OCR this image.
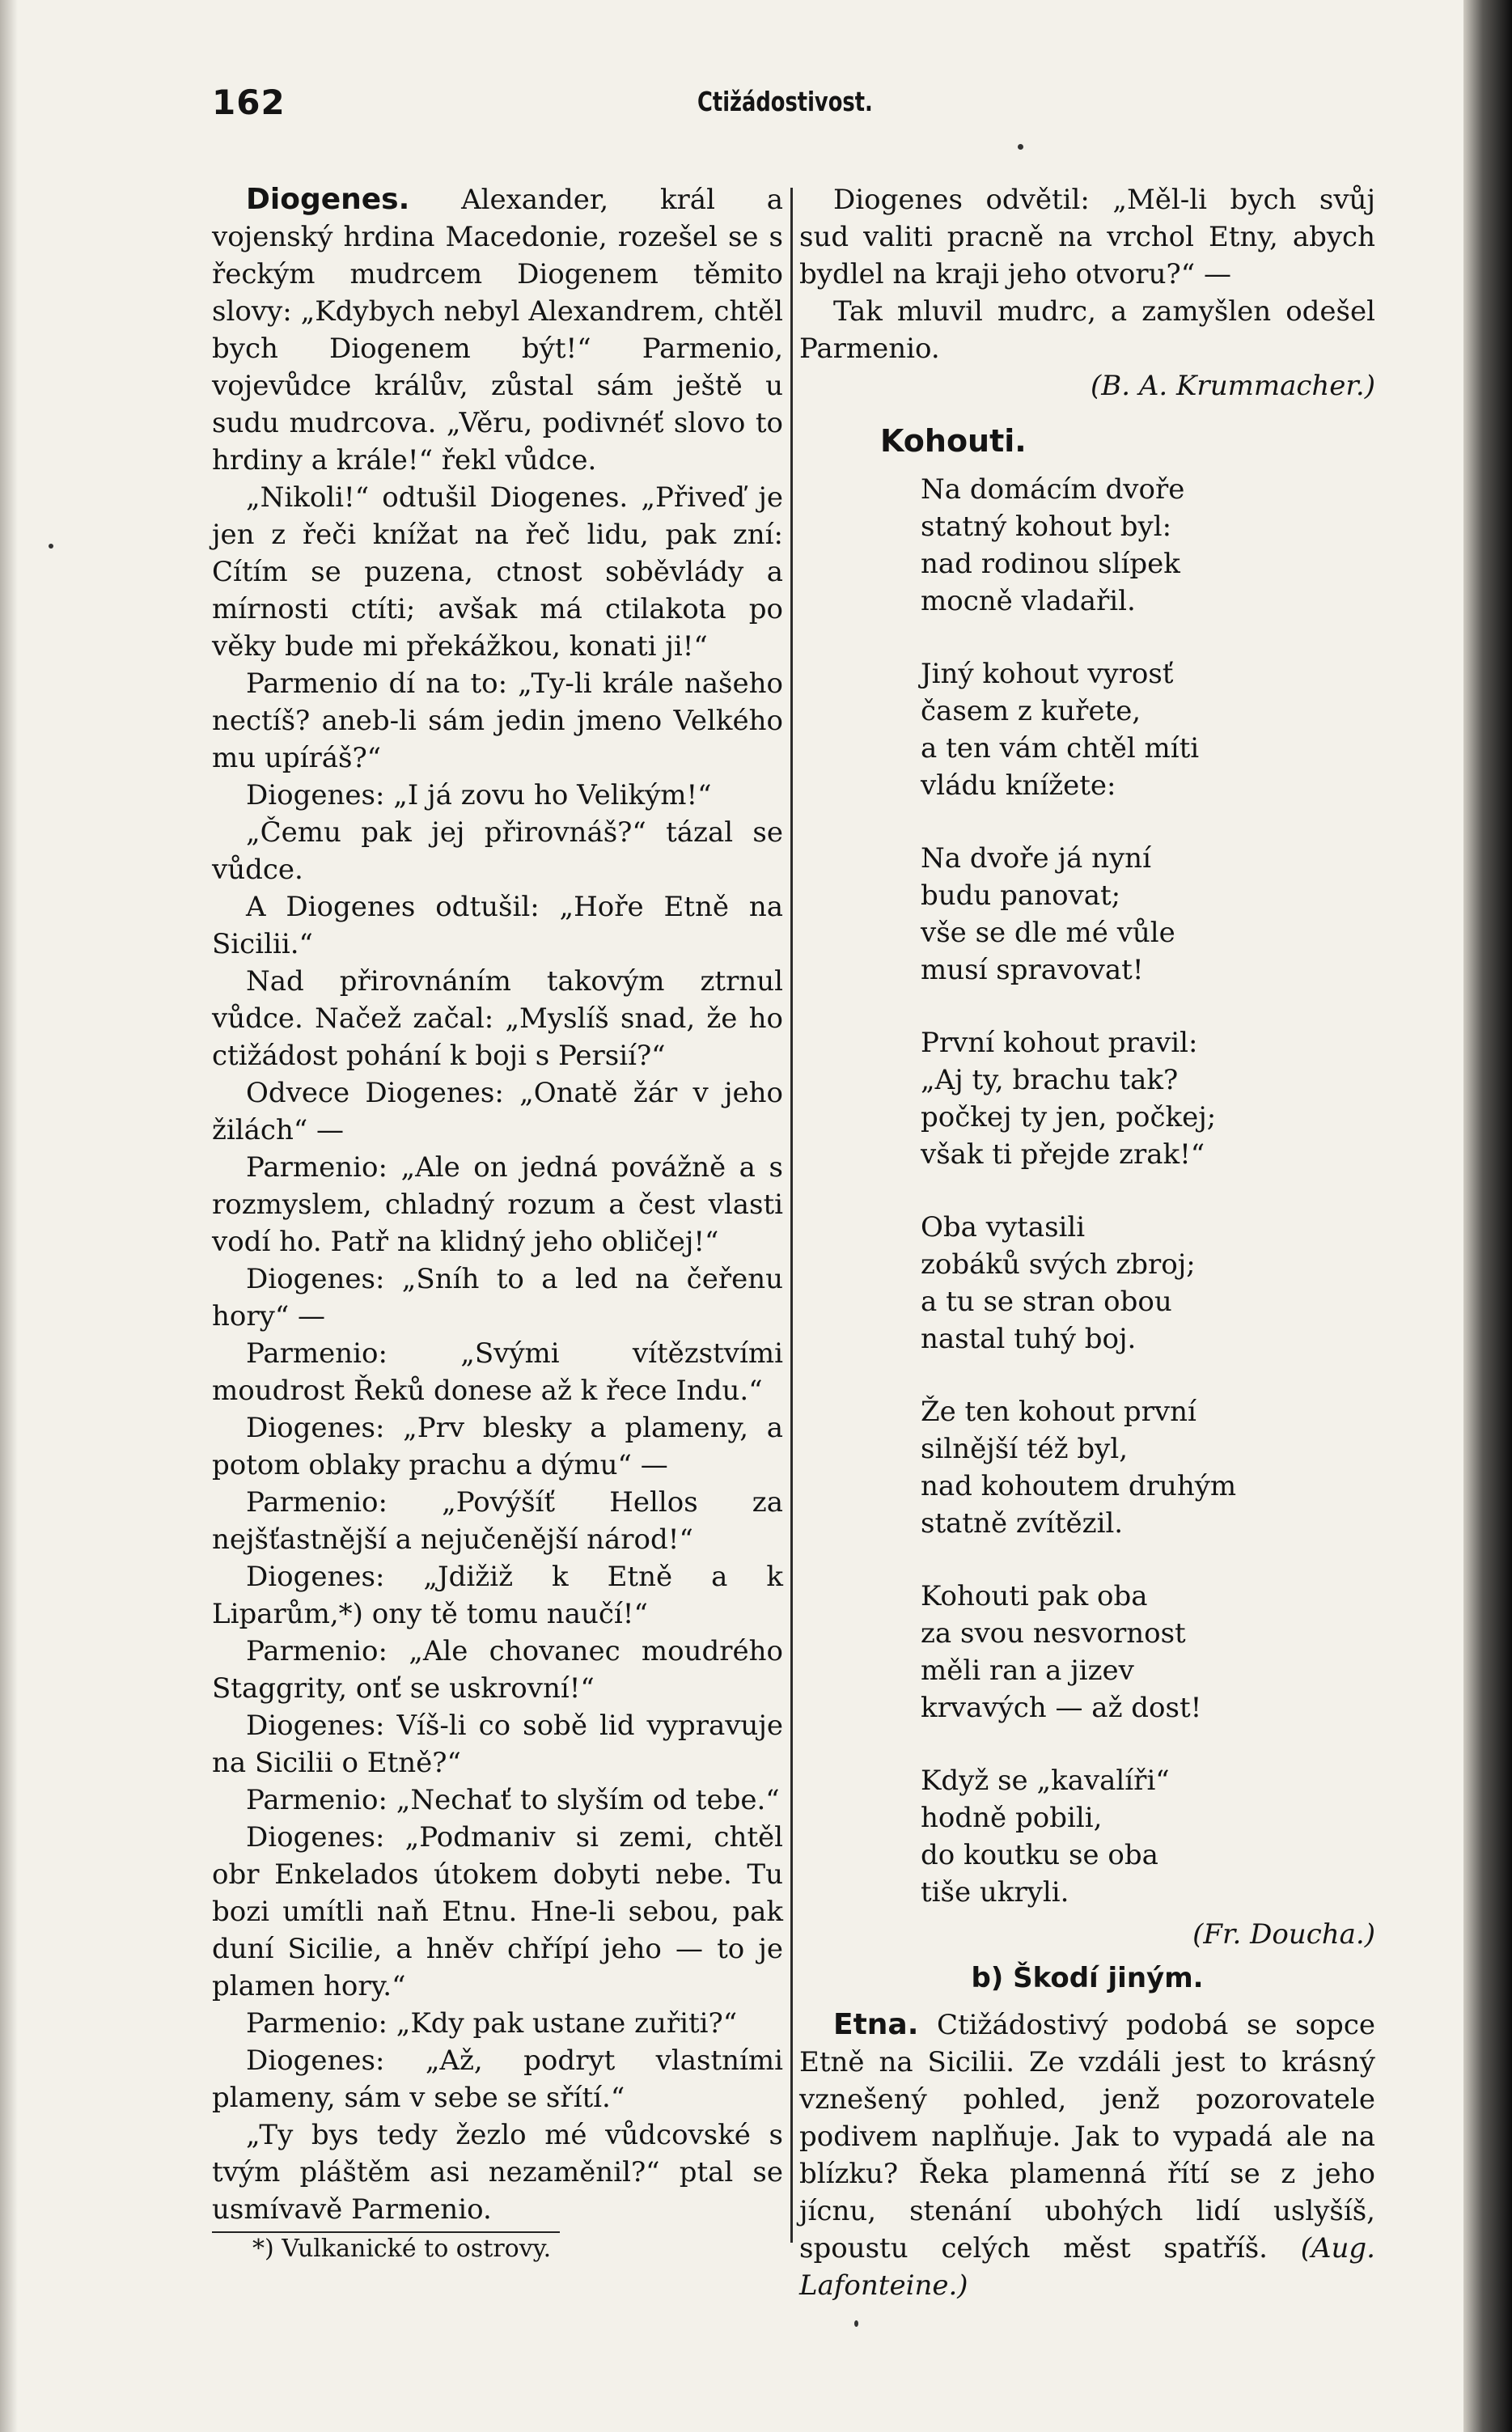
162	Ctižádostivost.

Diogenes. Alexander, král a vojenský hrdina Macedonie, rozešel se s řeckým mudrcem Diogenem těmito slovy: „Kdybych nebyl Alexandrem, chtěl bych Diogenem být!“ Parmenio, vojevůdce králův, zůstal sám ještě u sudu mudrcova. „Věru, podivnéť slovo to hrdiny a krále!“ řekl vůdce.

„Nikoli!“ odtušil Diogenes. „Přiveď je jen z řeči knížat na řeč lidu, pak zní: Cítím se puzena, ctnost soběvlády a mírnosti ctíti; avšak má ctilakota po věky bude mi překážkou, konati ji!“

Parmenio dí na to: „Ty-li krále našeho nectíš? aneb-li sám jedin jmeno Velkého mu upíráš?“

Diogenes: „I já zovu ho Velikým!“

„Čemu pak jej přirovnáš?“ tázal se vůdce.

A Diogenes odtušil: „Hoře Etně na Sicilii.“

Nad přirovnáním takovým ztrnul vůdce. Načež začal: „Myslíš snad, že ho ctižádost pohání k boji s Persií?“

Odvece Diogenes: „Onatě žár v jeho žilách“ —

Parmenio: „Ale on jedná povážně a s rozmyslem, chladný rozum a čest vlasti vodí ho. Patř na klidný jeho obličej!“

Diogenes: „Sníh to a led na čeřenu hory“ —

Parmenio: „Svými vítězstvími moudrost Řeků donese až k řece Indu.“

Diogenes: „Prv blesky a plameny, a potom oblaky prachu a dýmu“ —

Parmenio: „Povýšíť Hellos za nejšťastnější a nejučenější národ!“

Diogenes: „Jdižiž k Etně a k Liparům,*) ony tě tomu naučí!“

Parmenio: „Ale chovanec moudrého Staggrity, onť se uskrovní!“

Diogenes: Víš-li co sobě lid vypravuje na Sicilii o Etně?“

Parmenio: „Nechať to slyším od tebe.“

Diogenes: „Podmaniv si zemi, chtěl obr Enkelados útokem dobyti nebe. Tu bozi umítli naň Etnu. Hne-li sebou, pak duní Sicilie, a hněv chřípí jeho — to je plamen hory.“

Parmenio: „Kdy pak ustane zuřiti?“

Diogenes: „Až, podryt vlastními plameny, sám v sebe se sřítí.“

„Ty bys tedy žezlo mé vůdcovské s tvým pláštěm asi nezaměnil?“ ptal se usmívavě Parmenio.

*) Vulkanické to ostrovy.

Diogenes odvětil: „Měl-li bych svůj sud valiti pracně na vrchol Etny, abych bydlel na kraji jeho otvoru?“ —

Tak mluvil mudrc, a zamyšlen odešel Parmenio.

(B. A. Krummacher.)

Kohouti.
Na domácím dvoře
statný kohout byl:
nad rodinou slípek
mocně vladařil.
Jiný kohout vyrosť
časem z kuřete,
a ten vám chtěl míti
vládu knížete:
Na dvoře já nyní
budu panovat;
vše se dle mé vůle
musí spravovat!
První kohout pravil:
„Aj ty, brachu tak?
počkej ty jen, počkej;
však ti přejde zrak!“
Oba vytasili
zobáků svých zbroj;
a tu se stran obou
nastal tuhý boj.
Že ten kohout první
silnější též byl,
nad kohoutem druhým
statně zvítězil.
Kohouti pak oba
za svou nesvornost
měli ran a jizev
krvavých — až dost!
Když se „kavalíři“
hodně pobili,
do koutku se oba
tiše ukryli.

(Fr. Doucha.)

b) Škodí jiným.

Etna. Ctižádostivý podobá se sopce Etně na Sicilii. Ze vzdáli jest to krásný vznešený pohled, jenž pozorovatele podivem naplňuje. Jak to vypadá ale na blízku? Řeka plamenná řítí se z jeho jícnu, stenání ubohých lidí uslyšíš, spoustu celých měst spatříš. (Aug. Lafonteine.)
